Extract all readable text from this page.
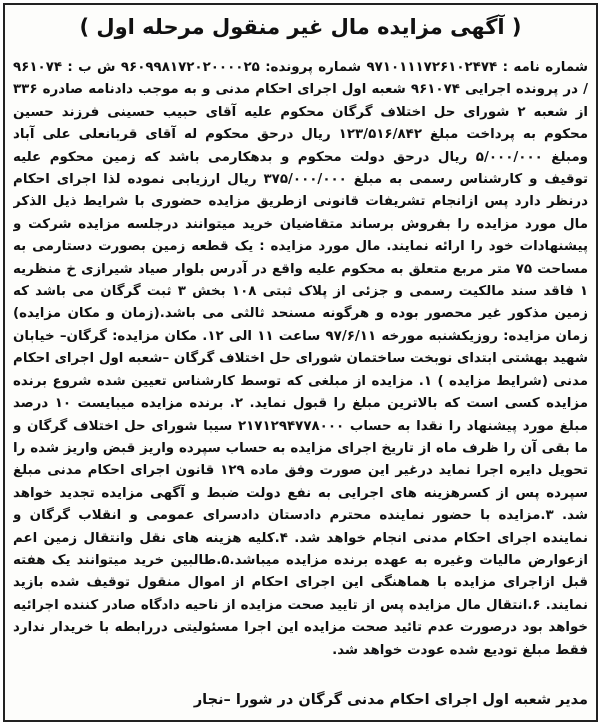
( آگهی مزایده مال غیر منقول مرحله اول )

شماره نامه : ۹۷۱۰۱۱۱۷۲۶۱۰۲۴۷۴ شماره پرونده: ۹۶۰۹۹۸۱۷۲۰۲۰۰۰۰۲۵ ش ب : ۹۶۱۰۷۴ / در پرونده اجرایی ۹۶۱۰۷۴ شعبه اول اجرای احکام مدنی و به موجب دادنامه صادره ۳۳۶ از شعبه ۲ شورای حل اختلاف گرگان محکوم علیه آقای حبیب حسینی فرزند حسین محکوم به پرداخت مبلغ ۱۲۳/۵۱۶/۸۴۲ ریال درحق محکوم له آقای قربانعلی علی آباد ومبلغ ۵/۰۰۰/۰۰۰ ریال درحق دولت محکوم و بدهکارمی باشد که زمین محکوم علیه توقیف و کارشناس رسمی به مبلغ ۳۷۵/۰۰۰/۰۰۰ ریال ارزیابی نموده لذا اجرای احکام درنظر دارد پس ازانجام تشریفات قانونی ازطریق مزایده حضوری با شرایط ذیل الذکر مال مورد مزایده را بفروش برساند متقاضیان خرید میتوانند درجلسه مزایده شرکت و پیشنهادات خود را ارائه نمایند. مال مورد مزایده : یک قطعه زمین بصورت دستارمی به مساحت ۷۵ متر مربع متعلق به محکوم علیه واقع در آدرس بلوار صیاد شیرازی خ منظریه ۱ فاقد سند مالکیت رسمی و جزئی از پلاک ثبتی ۱۰۸ بخش ۳ ثبت گرگان می باشد که زمین مذکور غیر محصور بوده و هرگونه مسنحد ثالثی می باشد.(زمان و مکان مزایده) زمان مزایده: روزیکشنبه مورخه ۹۷/۶/۱۱ ساعت ۱۱ الی ۱۲. مکان مزایده: گرگان– خیابان شهید بهشتی ابتدای نوبخت ساختمان شورای حل اختلاف گرگان –شعبه اول اجرای احکام مدنی (شرایط مزایده ) ۱. مزایده از مبلغی که توسط کارشناس تعیین شده شروع برنده مزایده کسی است که بالاترین مبلغ را قبول نماید. ۲. برنده مزایده میبایست ۱۰ درصد مبلغ مورد پیشنهاد را نقدا به حساب ۲۱۷۱۲۹۴۷۷۸۰۰۰ سیبا شورای حل اختلاف گرگان و ما بقی آن را ظرف ماه از تاریخ اجرای مزایده به حساب سپرده واریز قبض واریز شده را تحویل دایره اجرا نماید درغیر این صورت وفق ماده ۱۲۹ قانون اجرای احکام مدنی مبلغ سپرده پس از کسرهزینه های اجرایی به نفع دولت ضبط و آگهی مزایده تجدید خواهد شد. ۳.مزایده با حضور نماینده محترم دادستان دادسرای عمومی و انقلاب گرگان و نماینده اجرای احکام مدنی انجام خواهد شد. ۴.کلیه هزینه های نقل وانتقال زمین اعم ازعوارض مالیات وغیره به عهده برنده مزایده میباشد.۵.طالبین خرید میتوانند یک هفته قبل ازاجرای مزایده با هماهنگی این اجرای احکام از اموال منقول توقیف شده بازید نمایند. ۶.انتقال مال مزایده پس از تایید صحت مزایده از ناحیه دادگاه صادر کننده اجرائیه خواهد بود درصورت عدم تائید صحت مزایده این اجرا مسئولیتی دررابطه با خریدار ندارد فقط مبلغ تودیع شده عودت خواهد شد.

مدیر شعبه اول اجرای احکام مدنی گرگان در شورا –نجار
